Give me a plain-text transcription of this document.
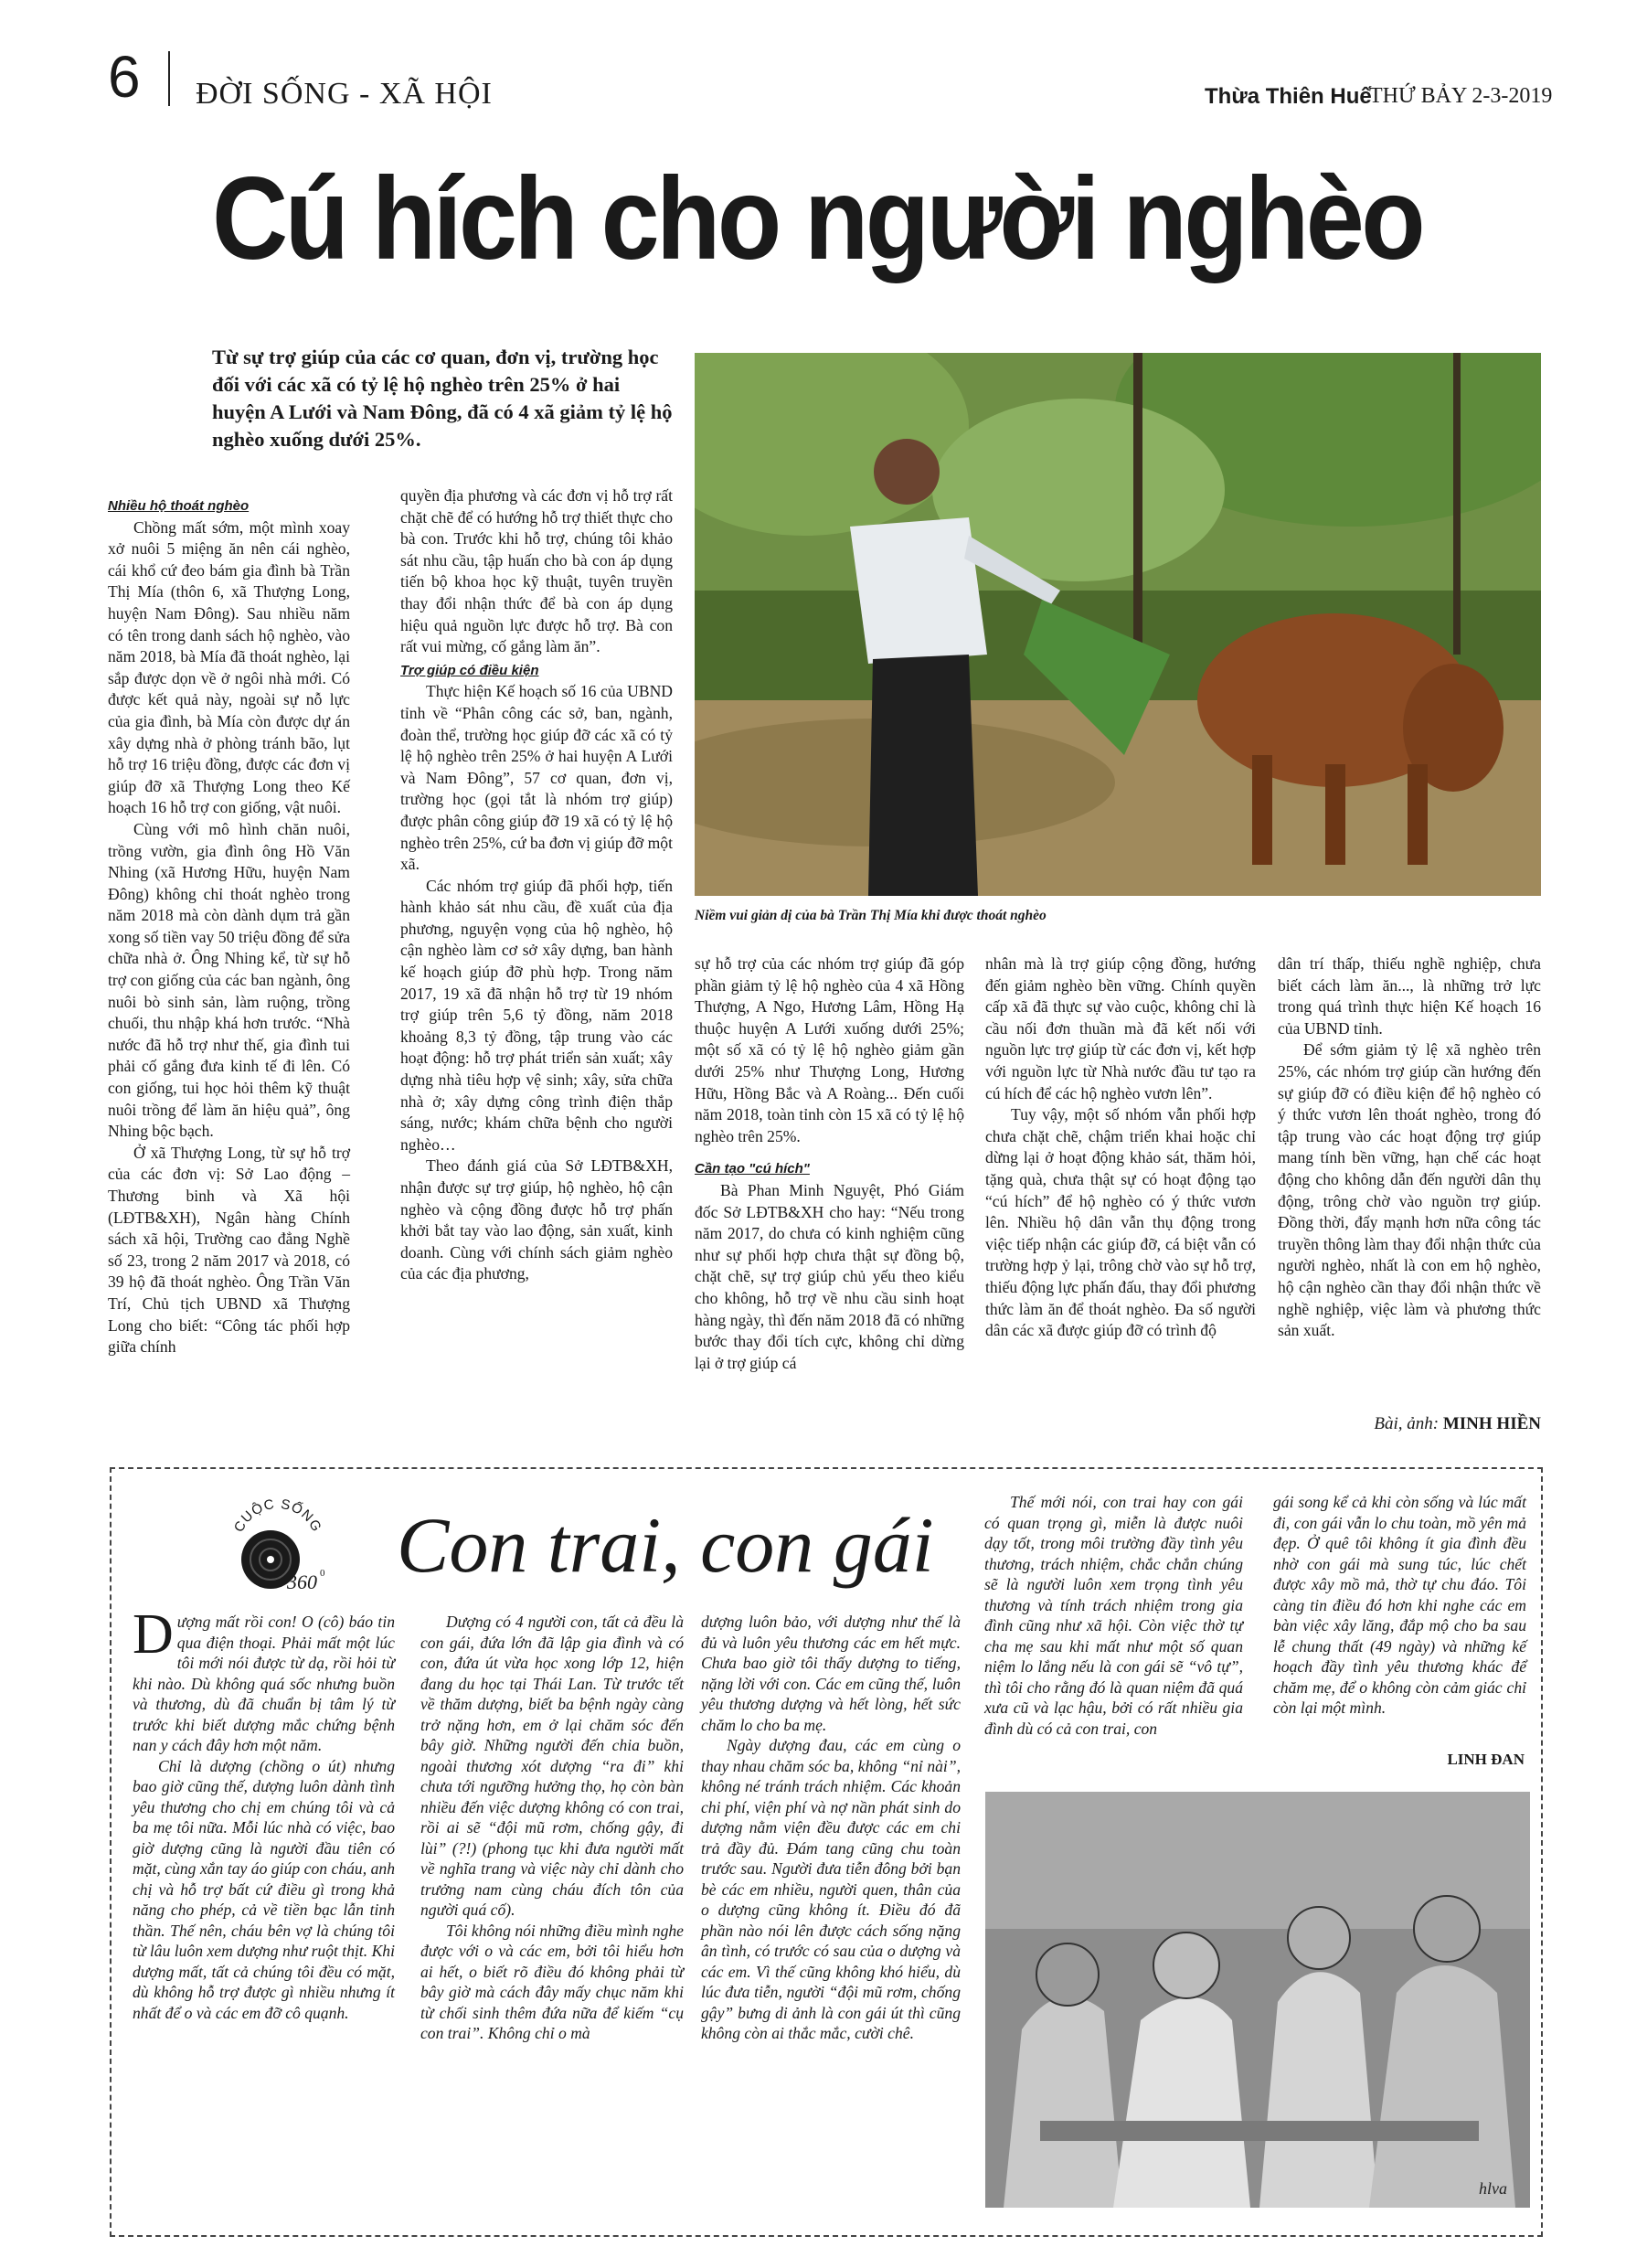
6 ĐỜI SỐNG - XÃ HỘI	Thừa Thiên Huế
THỨ BẢY 2-3-2019
Cú hích cho người nghèo
Từ sự trợ giúp của các cơ quan, đơn vị, trường học đối với các xã có tỷ lệ hộ nghèo trên 25% ở hai huyện A Lưới và Nam Đông, đã có 4 xã giảm tỷ lệ hộ nghèo xuống dưới 25%.
Niềm vui giản dị của bà Trần Thị Mía khi được thoát nghèo
Nhiều hộ thoát nghèo

Chồng mất sớm, một mình xoay xở nuôi 5 miệng ăn nên cái nghèo, cái khổ cứ đeo bám gia đình bà Trần Thị Mía (thôn 6, xã Thượng Long, huyện Nam Đông). Sau nhiều năm có tên trong danh sách hộ nghèo, vào năm 2018, bà Mía đã thoát nghèo, lại sắp được dọn về ở ngôi nhà mới. Có được kết quả này, ngoài sự nỗ lực của gia đình, bà Mía còn được dự án xây dựng nhà ở phòng tránh bão, lụt hỗ trợ 16 triệu đồng, được các đơn vị giúp đỡ xã Thượng Long theo Kế hoạch 16 hỗ trợ con giống, vật nuôi.

Cùng với mô hình chăn nuôi, trồng vườn, gia đình ông Hồ Văn Nhing (xã Hương Hữu, huyện Nam Đông) không chỉ thoát nghèo trong năm 2018 mà còn dành dụm trả gần xong số tiền vay 50 triệu đồng để sửa chữa nhà ở. Ông Nhing kể, từ sự hỗ trợ con giống của các ban ngành, ông nuôi bò sinh sản, làm ruộng, trồng chuối, thu nhập khá hơn trước. “Nhà nước đã hỗ trợ như thế, gia đình tui phải cố gắng đưa kinh tế đi lên. Có con giống, tui học hỏi thêm kỹ thuật nuôi trồng để làm ăn hiệu quả”, ông Nhing bộc bạch.

Ở xã Thượng Long, từ sự hỗ trợ của các đơn vị: Sở Lao động – Thương binh và Xã hội (LĐTB&XH), Ngân hàng Chính sách xã hội, Trường cao đẳng Nghề số 23, trong 2 năm 2017 và 2018, có 39 hộ đã thoát nghèo. Ông Trần Văn Trí, Chủ tịch UBND xã Thượng Long cho biết: “Công tác phối hợp giữa chính

quyền địa phương và các đơn vị hỗ trợ rất chặt chẽ để có hướng hỗ trợ thiết thực cho bà con. Trước khi hỗ trợ, chúng tôi khảo sát nhu cầu, tập huấn cho bà con áp dụng tiến bộ khoa học kỹ thuật, tuyên truyền thay đổi nhận thức để bà con áp dụng hiệu quả nguồn lực được hỗ trợ. Bà con rất vui mừng, cố gắng làm ăn”.

Trợ giúp có điều kiện

Thực hiện Kế hoạch số 16 của UBND tỉnh về “Phân công các sở, ban, ngành, đoàn thể, trường học giúp đỡ các xã có tỷ lệ hộ nghèo trên 25% ở hai huyện A Lưới và Nam Đông”, 57 cơ quan, đơn vị, trường học (gọi tắt là nhóm trợ giúp) được phân công giúp đỡ 19 xã có tỷ lệ hộ nghèo trên 25%, cứ ba đơn vị giúp đỡ một xã.

Các nhóm trợ giúp đã phối hợp, tiến hành khảo sát nhu cầu, đề xuất của địa phương, nguyện vọng của hộ nghèo, hộ cận nghèo làm cơ sở xây dựng, ban hành kế hoạch giúp đỡ phù hợp. Trong năm 2017, 19 xã đã nhận hỗ trợ từ 19 nhóm trợ giúp trên 5,6 tỷ đồng, năm 2018 khoảng 8,3 tỷ đồng, tập trung vào các hoạt động: hỗ trợ phát triển sản xuất; xây dựng nhà tiêu hợp vệ sinh; xây, sửa chữa nhà ở; xây dựng công trình điện thắp sáng, nước; khám chữa bệnh cho người nghèo…

Theo đánh giá của Sở LĐTB&XH, nhận được sự trợ giúp, hộ nghèo, hộ cận nghèo và cộng đồng được hỗ trợ phấn khởi bắt tay vào lao động, sản xuất, kinh doanh. Cùng với chính sách giảm nghèo của các địa phương,

sự hỗ trợ của các nhóm trợ giúp đã góp phần giảm tỷ lệ hộ nghèo của 4 xã Hồng Thượng, A Ngo, Hương Lâm, Hồng Hạ thuộc huyện A Lưới xuống dưới 25%; một số xã có tỷ lệ hộ nghèo giảm gần dưới 25% như Thượng Long, Hương Hữu, Hồng Bắc và A Roàng... Đến cuối năm 2018, toàn tỉnh còn 15 xã có tỷ lệ hộ nghèo trên 25%.

Cần tạo "cú hích"

Bà Phan Minh Nguyệt, Phó Giám đốc Sở LĐTB&XH cho hay: “Nếu trong năm 2017, do chưa có kinh nghiệm cũng như sự phối hợp chưa thật sự đồng bộ, chặt chẽ, sự trợ giúp chủ yếu theo kiểu cho không, hỗ trợ về nhu cầu sinh hoạt hàng ngày, thì đến năm 2018 đã có những bước thay đổi tích cực, không chỉ dừng lại ở trợ giúp cá

nhân mà là trợ giúp cộng đồng, hướng đến giảm nghèo bền vững. Chính quyền cấp xã đã thực sự vào cuộc, không chỉ là cầu nối đơn thuần mà đã kết nối với nguồn lực trợ giúp từ các đơn vị, kết hợp với nguồn lực từ Nhà nước đầu tư tạo ra cú hích để các hộ nghèo vươn lên”.

Tuy vậy, một số nhóm vẫn phối hợp chưa chặt chẽ, chậm triển khai hoặc chỉ dừng lại ở hoạt động khảo sát, thăm hỏi, tặng quà, chưa thật sự có hoạt động tạo “cú hích” để hộ nghèo có ý thức vươn lên. Nhiều hộ dân vẫn thụ động trong việc tiếp nhận các giúp đỡ, cá biệt vẫn có trường hợp ỷ lại, trông chờ vào sự hỗ trợ, thiếu động lực phấn đấu, thay đổi phương thức làm ăn để thoát nghèo. Đa số người dân các xã được giúp đỡ có trình độ

dân trí thấp, thiếu nghề nghiệp, chưa biết cách làm ăn..., là những trở lực trong quá trình thực hiện Kế hoạch 16 của UBND tỉnh.

Để sớm giảm tỷ lệ xã nghèo trên 25%, các nhóm trợ giúp cần hướng đến sự giúp đỡ có điều kiện để hộ nghèo có ý thức vươn lên thoát nghèo, trong đó tập trung vào các hoạt động trợ giúp mang tính bền vững, hạn chế các hoạt động cho không dẫn đến người dân thụ động, trông chờ vào nguồn trợ giúp. Đồng thời, đẩy mạnh hơn nữa công tác truyền thông làm thay đổi nhận thức của người nghèo, nhất là con em hộ nghèo, hộ cận nghèo cần thay đổi nhận thức về nghề nghiệp, việc làm và phương thức sản xuất.

Bài, ảnh: MINH HIỀN
CUỘC SỐNG
360 0 Con trai, con gái

Dượng mất rồi con! O (cô) báo tin qua điện thoại. Phải mất một lúc tôi mới nói được từ dạ, rồi hỏi từ khi nào. Dù không quá sốc nhưng buồn và thương, dù đã chuẩn bị tâm lý từ trước khi biết dượng mắc chứng bệnh nan y cách đây hơn một năm.

Chỉ là dượng (chồng o út) nhưng bao giờ cũng thế, dượng luôn dành tình yêu thương cho chị em chúng tôi và cả ba mẹ tôi nữa. Mỗi lúc nhà có việc, bao giờ dượng cũng là người đầu tiên có mặt, cùng xắn tay áo giúp con cháu, anh chị và hỗ trợ bất cứ điều gì trong khả năng cho phép, cả về tiền bạc lẫn tinh thần. Thế nên, cháu bên vợ là chúng tôi từ lâu luôn xem dượng như ruột thịt. Khi dượng mất, tất cả chúng tôi đều có mặt, dù không hỗ trợ được gì nhiều nhưng ít nhất để o và các em đỡ cô quạnh.

Dượng có 4 người con, tất cả đều là con gái, đứa lớn đã lập gia đình và có con, đứa út vừa học xong lớp 12, hiện đang du học tại Thái Lan. Từ trước tết về thăm dượng, biết ba bệnh ngày càng trở nặng hơn, em ở lại chăm sóc đến bây giờ. Những người đến chia buồn, ngoài thương xót dượng “ra đi” khi chưa tới ngưỡng hưởng thọ, họ còn bàn nhiều đến việc dượng không có con trai, rồi ai sẽ “đội mũ rơm, chống gậy, đi lùi” (?!) (phong tục khi đưa người mất về nghĩa trang và việc này chỉ dành cho trưởng nam cùng cháu đích tôn của người quá cố).

Tôi không nói những điều mình nghe được với o và các em, bởi tôi hiểu hơn ai hết, o biết rõ điều đó không phải từ bây giờ mà cách đây mấy chục năm khi từ chối sinh thêm đứa nữa để kiếm “cụ con trai”. Không chỉ o mà

dượng luôn bảo, với dượng như thế là đủ và luôn yêu thương các em hết mực. Chưa bao giờ tôi thấy dượng to tiếng, nặng lời với con. Các em cũng thế, luôn yêu thương dượng và hết lòng, hết sức chăm lo cho ba mẹ.

Ngày dượng đau, các em cùng o thay nhau chăm sóc ba, không “nỉ nài”, không né tránh trách nhiệm. Các khoản chi phí, viện phí và nợ nần phát sinh do dượng nằm viện đều được các em chi trả đầy đủ. Đám tang cũng chu toàn trước sau. Người đưa tiễn đông bởi bạn bè các em nhiều, người quen, thân của o dượng cũng không ít. Điều đó đã phần nào nói lên được cách sống nặng ân tình, có trước có sau của o dượng và các em. Vì thế cũng không khó hiểu, dù lúc đưa tiễn, người “đội mũ rơm, chống gậy” bưng di ảnh là con gái út thì cũng không còn ai thắc mắc, cười chê.

Thế mới nói, con trai hay con gái có quan trọng gì, miễn là được nuôi dạy tốt, trong môi trường đầy tình yêu thương, trách nhiệm, chắc chắn chúng sẽ là người luôn xem trọng tình yêu thương và tính trách nhiệm trong gia đình cũng như xã hội. Còn việc thờ tự cha mẹ sau khi mất như một số quan niệm lo lắng nếu là con gái sẽ “vô tự”, thì tôi cho rằng đó là quan niệm đã quá xưa cũ và lạc hậu, bởi có rất nhiều gia đình dù có cả con trai, con

gái song kể cả khi còn sống và lúc mất đi, con gái vẫn lo chu toàn, mồ yên mả đẹp. Ở quê tôi không ít gia đình đều nhờ con gái mà sung túc, lúc chết được xây mồ mả, thờ tự chu đáo. Tôi càng tin điều đó hơn khi nghe các em bàn việc xây lăng, đắp mộ cho ba sau lễ chung thất (49 ngày) và những kế hoạch đầy tình yêu thương khác để chăm mẹ, để o không còn cảm giác chỉ còn lại một mình.

LINH ĐAN
hlva
